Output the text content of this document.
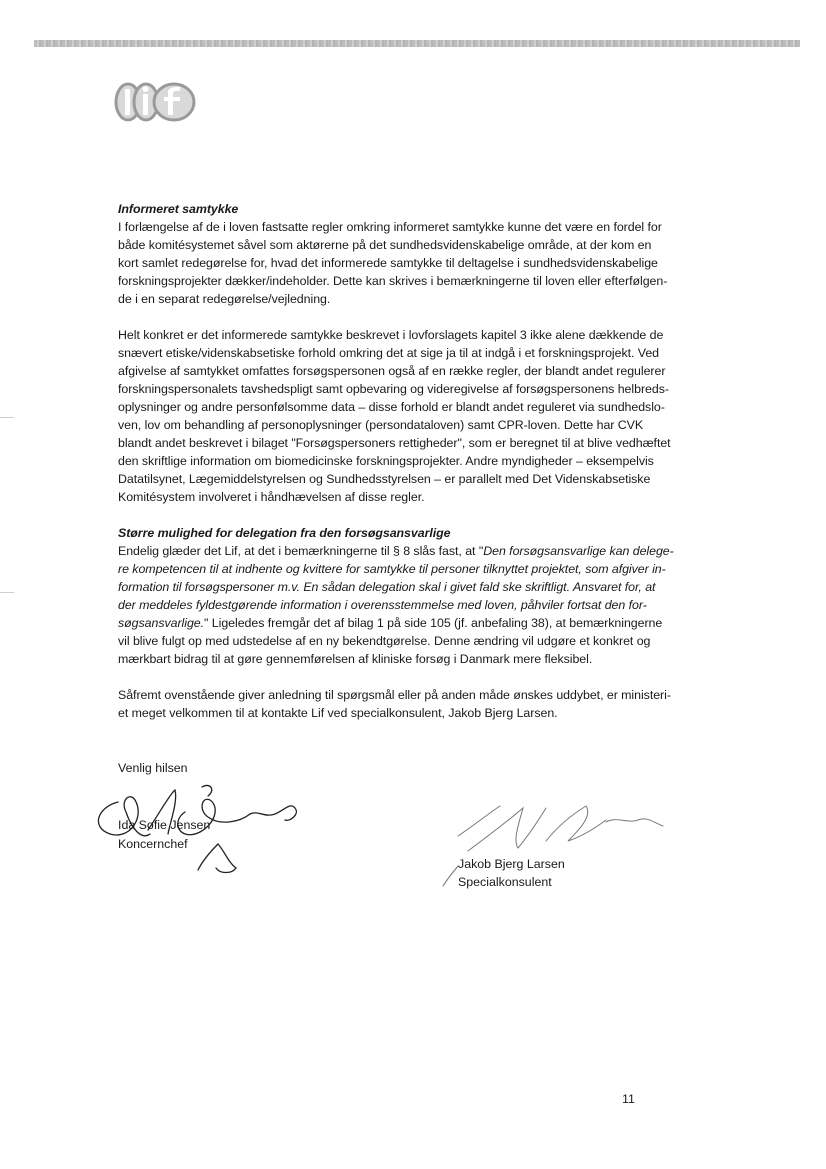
Informeret samtykke

I forlængelse af de i loven fastsatte regler omkring informeret samtykke kunne det være en fordel for
både komitésystemet såvel som aktørerne på det sundhedsvidenskabelige område, at der kom en
kort samlet redegørelse for, hvad det informerede samtykke til deltagelse i sundhedsvidenskabelige
forskningsprojekter dækker/indeholder. Dette kan skrives i bemærkningerne til loven eller efterfølgen-
de i en separat redegørelse/vejledning.

Helt konkret er det informerede samtykke beskrevet i lovforslagets kapitel 3 ikke alene dækkende de
snævert etiske/videnskabsetiske forhold omkring det at sige ja til at indgå i et forskningsprojekt. Ved
afgivelse af samtykket omfattes forsøgspersonen også af en række regler, der blandt andet regulerer
forskningspersonalets tavshedspligt samt opbevaring og videregivelse af forsøgspersonens helbreds-
oplysninger og andre personfølsomme data – disse forhold er blandt andet reguleret via sundhedslo-
ven, lov om behandling af personoplysninger (persondataloven) samt CPR-loven. Dette har CVK
blandt andet beskrevet i bilaget "Forsøgspersoners rettigheder", som er beregnet til at blive vedhæftet
den skriftlige information om biomedicinske forskningsprojekter. Andre myndigheder – eksempelvis
Datatilsynet, Lægemiddelstyrelsen og Sundhedsstyrelsen – er parallelt med Det Videnskabsetiske
Komitésystem involveret i håndhævelsen af disse regler.

Større mulighed for delegation fra den forsøgsansvarlige

Endelig glæder det Lif, at det i bemærkningerne til § 8 slås fast, at "Den forsøgsansvarlige kan delege-
re kompetencen til at indhente og kvittere for samtykke til personer tilknyttet projektet, som afgiver in-
formation til forsøgspersoner m.v. En sådan delegation skal i givet fald ske skriftligt. Ansvaret for, at
der meddeles fyldestgørende information i overensstemmelse med loven, påhviler fortsat den for-
søgsansvarlige." Ligeledes fremgår det af bilag 1 på side 105 (jf. anbefaling 38), at bemærkningerne
vil blive fulgt op med udstedelse af en ny bekendtgørelse. Denne ændring vil udgøre et konkret og
mærkbart bidrag til at gøre gennemførelsen af kliniske forsøg i Danmark mere fleksibel.

Såfremt ovenstående giver anledning til spørgsmål eller på anden måde ønskes uddybet, er ministeri-
et meget velkommen til at kontakte Lif ved specialkonsulent, Jakob Bjerg Larsen.

Venlig hilsen
Ida Sofie Jensen
Koncernchef
Jakob Bjerg Larsen
Specialkonsulent
11
